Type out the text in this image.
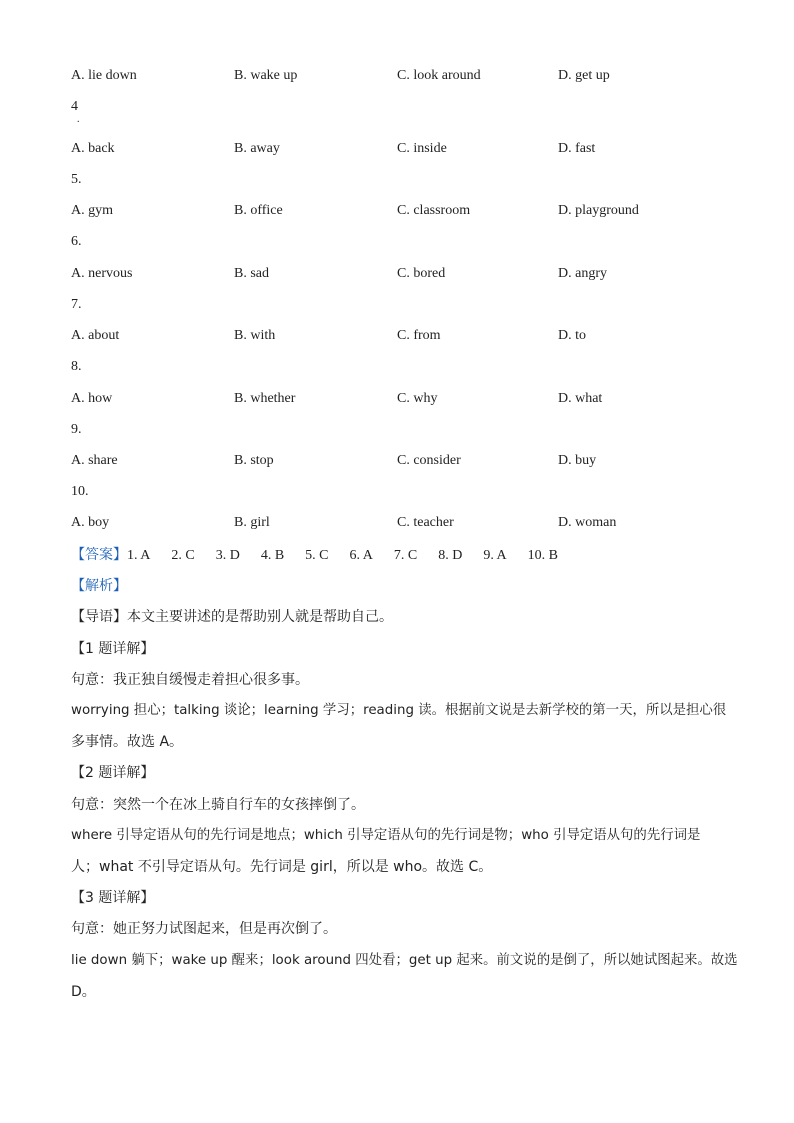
A. lie down	B. wake up	C. look around	D. get up
4
.
A. back	B. away	C. inside	D. fast
5.
A. gym	B. office	C. classroom	D. playground
6.
A. nervous	B. sad	C. bored	D. angry
7.
A. about	B. with	C. from	D. to
8.
A. how	B. whether	C. why	D. what
9.
A. share	B. stop	C. consider	D. buy
10.
A. boy	B. girl	C. teacher	D. woman
【答案】1. A 2. C 3. D 4. B 5. C 6. A 7. C 8. D 9. A 10. B
【解析】
【导语】本文主要讲述的是帮助别人就是帮助自己。
【1 题详解】
句意：我正独自缓慢走着担心很多事。
worrying 担心；talking 谈论；learning 学习；reading 读。根据前文说是去新学校的第一天，所以是担心很
多事情。故选 A。
【2 题详解】
句意：突然一个在冰上骑自行车的女孩摔倒了。
where 引导定语从句的先行词是地点；which 引导定语从句的先行词是物；who 引导定语从句的先行词是
人；what 不引导定语从句。先行词是 girl，所以是 who。故选 C。
【3 题详解】
句意：她正努力试图起来，但是再次倒了。
lie down 躺下；wake up 醒来；look around 四处看；get up 起来。前文说的是倒了，所以她试图起来。故选
D。
